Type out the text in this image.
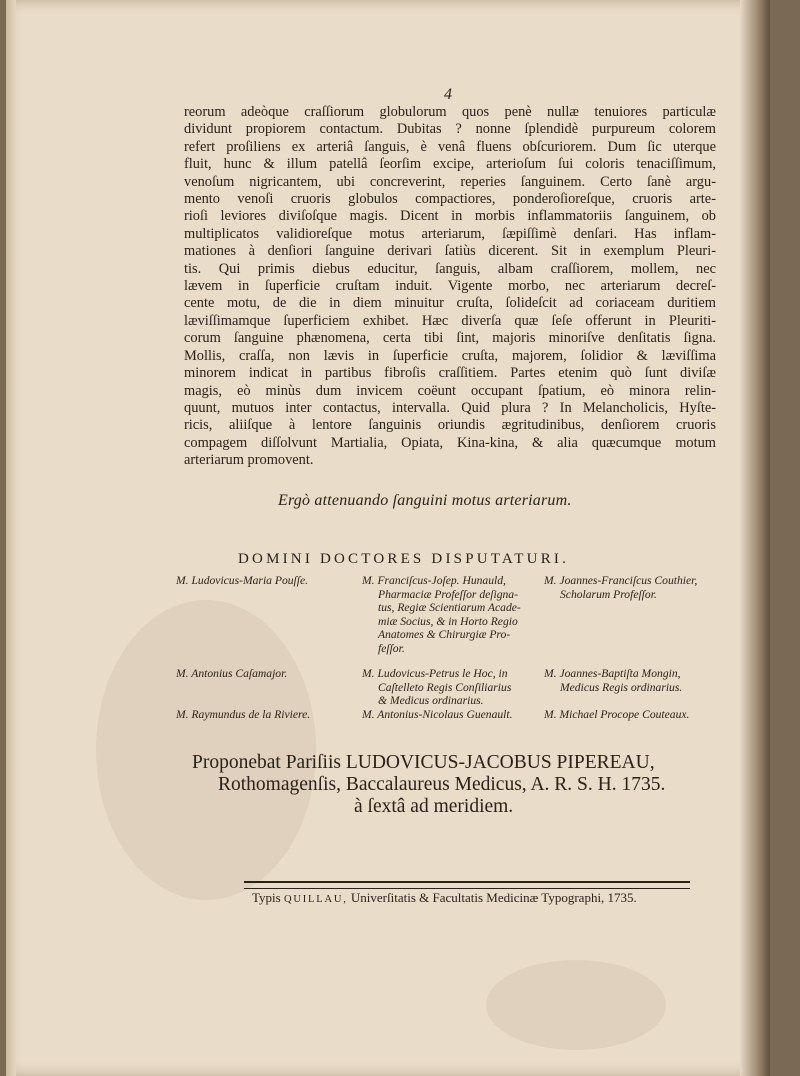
4
reorum adeòque craſſiorum globulorum quos penè nullæ tenuiores particulæ
dividunt propiorem contactum. Dubitas ? nonne ſplendidè purpureum colorem
refert proſiliens ex arteriâ ſanguis, è venâ fluens obſcuriorem. Dum ſic uterque
fluit, hunc & illum patellâ ſeorſim excipe, arterioſum ſui coloris tenaciſſimum,
venoſum nigricantem, ubi concreverint, reperies ſanguinem. Certo ſanè argu-
mento venoſi cruoris globulos compactiores, ponderoſioreſque, cruoris arte-
rioſi leviores diviſoſque magis. Dicent in morbis inflammatoriis ſanguinem, ob
multiplicatos validioreſque motus arteriarum, ſæpiſſimè denſari. Has inflam-
mationes à denſiori ſanguine derivari ſatiùs dicerent. Sit in exemplum Pleuri-
tis. Qui primis diebus educitur, ſanguis, albam craſſiorem, mollem, nec
lævem in ſuperficie cruſtam induit. Vigente morbo, nec arteriarum decreſ-
cente motu, de die in diem minuitur cruſta, ſolideſcit ad coriaceam duritiem
læviſſimamque ſuperficiem exhibet. Hæc diverſa quæ ſeſe offerunt in Pleuriti-
corum ſanguine phænomena, certa tibi ſint, majoris minoriſve denſitatis ſigna.
Mollis, craſſa, non lævis in ſuperficie cruſta, majorem, ſolidior & læviſſima
minorem indicat in partibus fibroſis craſſitiem. Partes etenim quò ſunt diviſæ
magis, eò minùs dum invicem coëunt occupant ſpatium, eò minora relin-
quunt, mutuos inter contactus, intervalla. Quid plura ? In Melancholicis, Hyſte-
ricis, aliiſque à lentore ſanguinis oriundis ægritudinibus, denſiorem cruoris
compagem diſſolvunt Martialia, Opiata, Kina-kina, & alia quæcumque motum
arteriarum promovent.
Ergò attenuando ſanguini motus arteriarum.
DOMINI DOCTORES DISPUTATURI.
M. Ludovicus-Maria Pouſſe.
M. Antonius Caſamajor.
M. Raymundus de la Riviere.
M. Franciſcus-Joſep. Hunauld,
Pharmaciæ Profeſſor deſigna-
tus, Regiæ Scientiarum Acade-
miæ Socius, & in Horto Regio
Anatomes & Chirurgiæ Pro-
feſſor.
M. Ludovicus-Petrus le Hoc, in
Caſtelleto Regis Conſiliarius
& Medicus ordinarius.
M. Antonius-Nicolaus Guenault.
M. Joannes-Franciſcus Couthier,
Scholarum Profeſſor.
M. Joannes-Baptiſta Mongin,
Medicus Regis ordinarius.
M. Michael Procope Couteaux.
Proponebat Pariſiis LUDOVICUS-JACOBUS PIPEREAU,
Rothomagenſis, Baccalaureus Medicus, A. R. S. H. 1735.
à ſextâ ad meridiem.
Typis QUILLAU, Univerſitatis & Facultatis Medicinæ Typographi, 1735.
